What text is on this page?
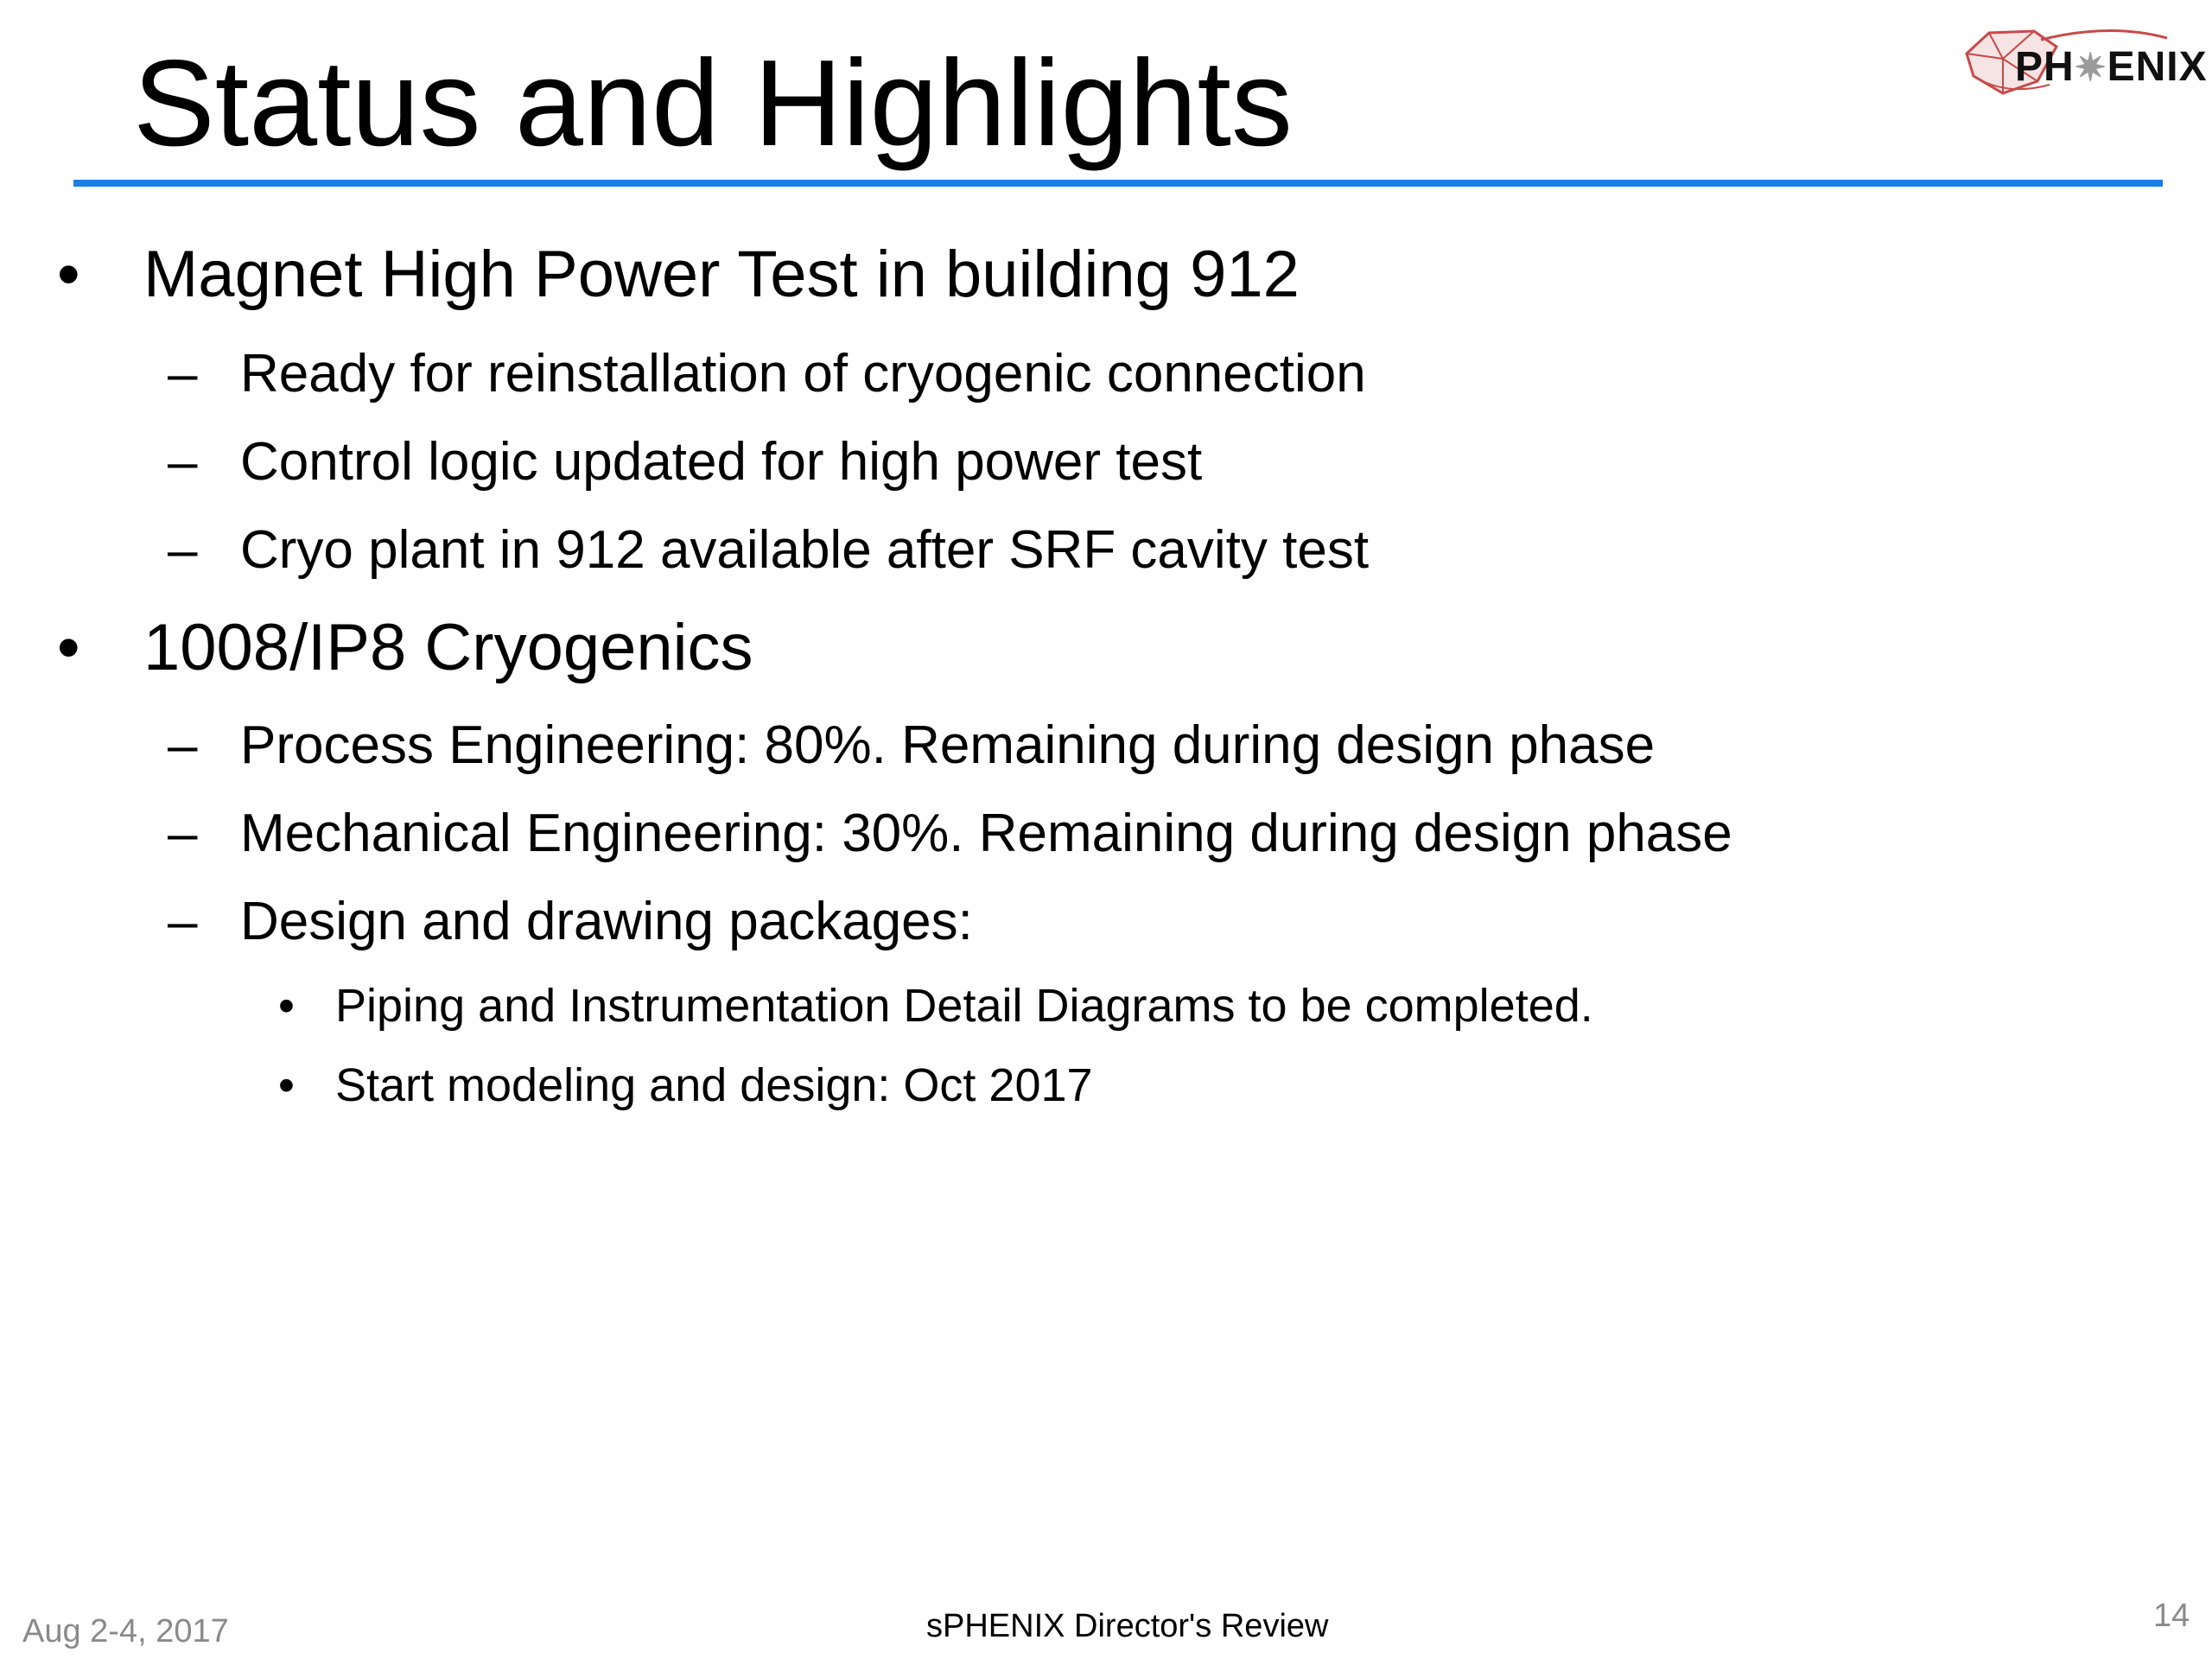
Status and Highlights	PH✷ENIX
• Magnet High Power Test in building 912
– Ready for reinstallation of cryogenic connection
– Control logic updated for high power test
– Cryo plant in 912 available after SRF cavity test
• 1008/IP8 Cryogenics
– Process Engineering: 80%. Remaining during design phase
– Mechanical Engineering: 30%. Remaining during design phase
– Design and drawing packages:
• Piping and Instrumentation Detail Diagrams to be completed.
• Start modeling and design: Oct 2017
Aug 2-4, 2017	sPHENIX Director's Review	14
